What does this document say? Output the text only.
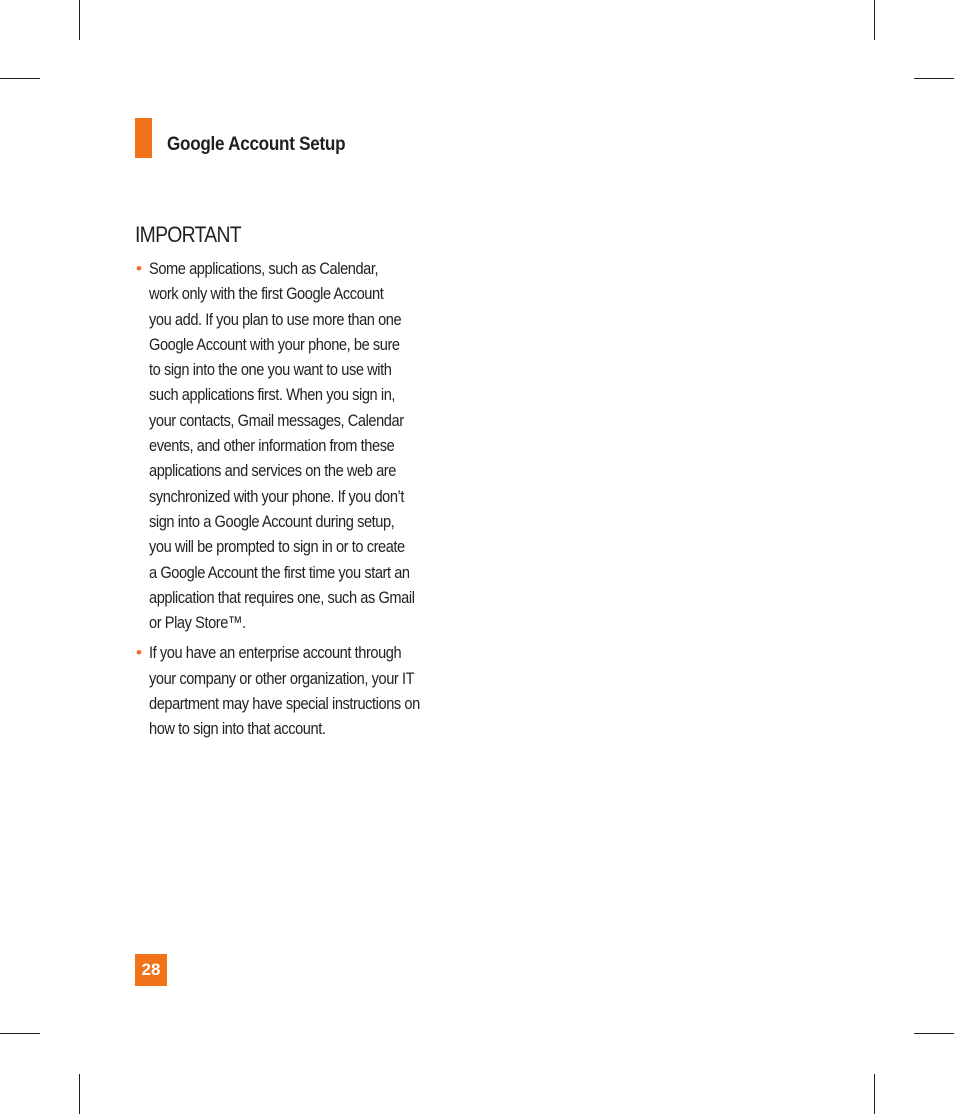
Google Account Setup
IMPORTANT
• Some applications, such as Calendar,
work only with the first Google Account
you add. If you plan to use more than one
Google Account with your phone, be sure
to sign into the one you want to use with
such applications first. When you sign in,
your contacts, Gmail messages, Calendar
events, and other information from these
applications and services on the web are
synchronized with your phone. If you don’t
sign into a Google Account during setup,
you will be prompted to sign in or to create
a Google Account the first time you start an
application that requires one, such as Gmail
or Play Store™.
• If you have an enterprise account through
your company or other organization, your IT
department may have special instructions on
how to sign into that account.
28
